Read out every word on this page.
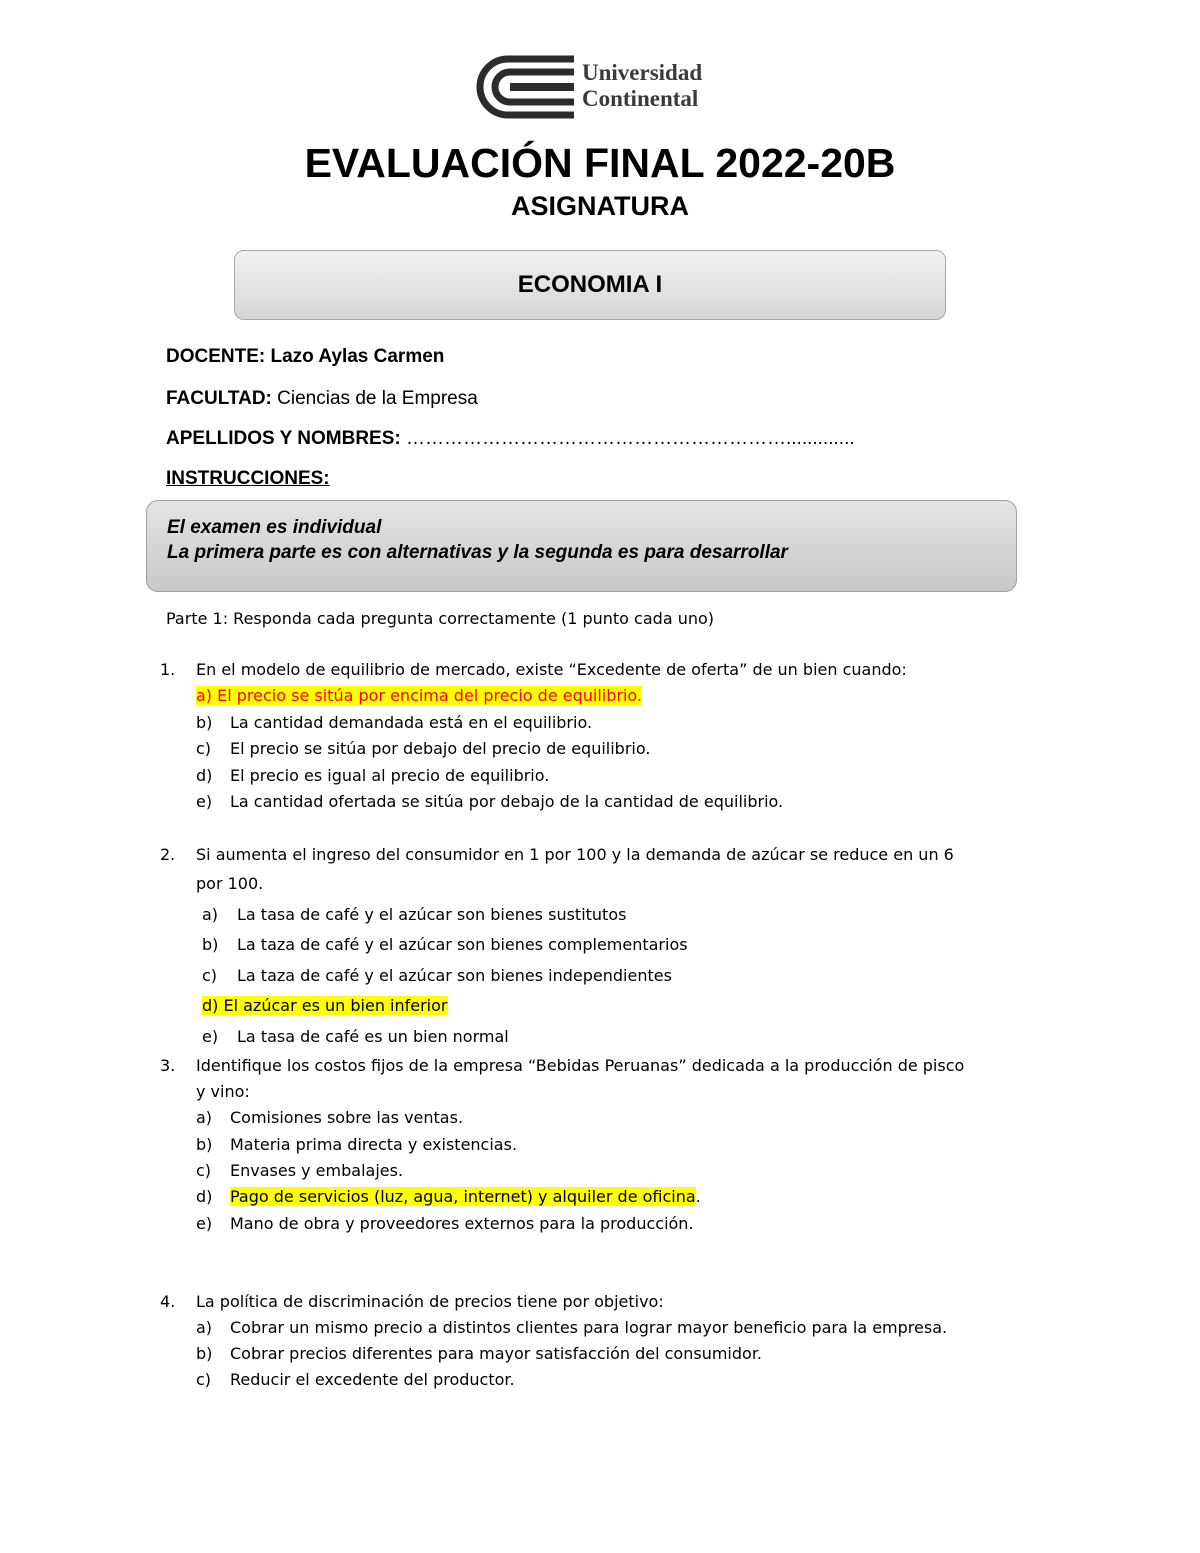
Universidad
Continental
EVALUACIÓN FINAL 2022-20B
ASIGNATURA
ECONOMIA I
DOCENTE: Lazo Aylas Carmen
FACULTAD: Ciencias de la Empresa
APELLIDOS Y NOMBRES: …………………………………………………….............
INSTRUCCIONES:
El examen es individual
La primera parte es con alternativas y la segunda es para desarrollar
Parte 1: Responda cada pregunta correctamente (1 punto cada uno)
1. En el modelo de equilibrio de mercado, existe “Excedente de oferta” de un bien cuando:
a) El precio se sitúa por encima del precio de equilibrio.
b) La cantidad demandada está en el equilibrio.
c) El precio se sitúa por debajo del precio de equilibrio.
d) El precio es igual al precio de equilibrio.
e) La cantidad ofertada se sitúa por debajo de la cantidad de equilibrio.
2. Si aumenta el ingreso del consumidor en 1 por 100 y la demanda de azúcar se reduce en un 6
por 100.
a) La tasa de café y el azúcar son bienes sustitutos
b) La taza de café y el azúcar son bienes complementarios
c) La taza de café y el azúcar son bienes independientes
d) El azúcar es un bien inferior
e) La tasa de café es un bien normal
3. Identifique los costos fijos de la empresa “Bebidas Peruanas” dedicada a la producción de pisco
y vino:
a) Comisiones sobre las ventas.
b) Materia prima directa y existencias.
c) Envases y embalajes.
d) Pago de servicios (luz, agua, internet) y alquiler de oficina.
e) Mano de obra y proveedores externos para la producción.
4. La política de discriminación de precios tiene por objetivo:
a) Cobrar un mismo precio a distintos clientes para lograr mayor beneficio para la empresa.
b) Cobrar precios diferentes para mayor satisfacción del consumidor.
c) Reducir el excedente del productor.
